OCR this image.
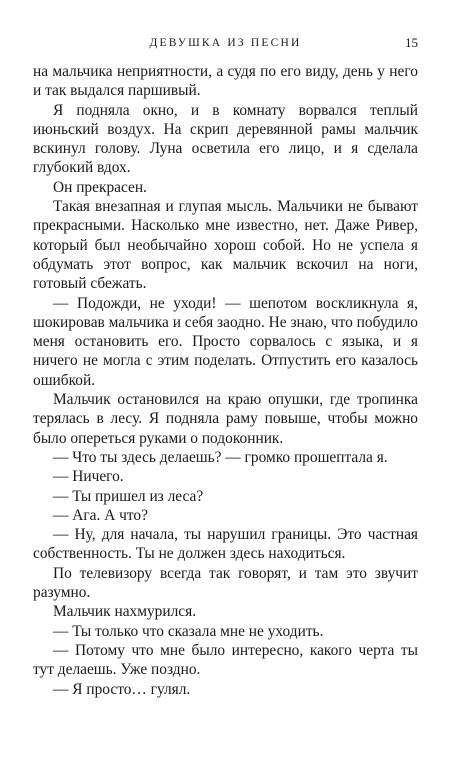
ДЕВУШКА ИЗ ПЕСНИ	15

на мальчика неприятности, а судя по его виду, день у него и так выдался паршивый.

Я подняла окно, и в комнату ворвался теплый июньский воздух. На скрип деревянной рамы мальчик вскинул голову. Луна осветила его лицо, и я сделала глубокий вдох.

Он прекрасен.

Такая внезапная и глупая мысль. Мальчики не бывают прекрасными. Насколько мне известно, нет. Даже Ривер, который был необычайно хорош собой. Но не успела я обдумать этот вопрос, как мальчик вскочил на ноги, готовый сбежать.

— Подожди, не уходи! — шепотом воскликнула я, шокировав мальчика и себя заодно. Не знаю, что побудило меня остановить его. Просто сорвалось с языка, и я ничего не могла с этим поделать. Отпустить его казалось ошибкой.

Мальчик остановился на краю опушки, где тропинка терялась в лесу. Я подняла раму повыше, чтобы можно было опереться руками о подоконник.

— Что ты здесь делаешь? — громко прошептала я.

— Ничего.

— Ты пришел из леса?

— Ага. А что?

— Ну, для начала, ты нарушил границы. Это частная собственность. Ты не должен здесь находиться.

По телевизору всегда так говорят, и там это звучит разумно.

Мальчик нахмурился.

— Ты только что сказала мне не уходить.

— Потому что мне было интересно, какого черта ты тут делаешь. Уже поздно.

— Я просто… гулял.
